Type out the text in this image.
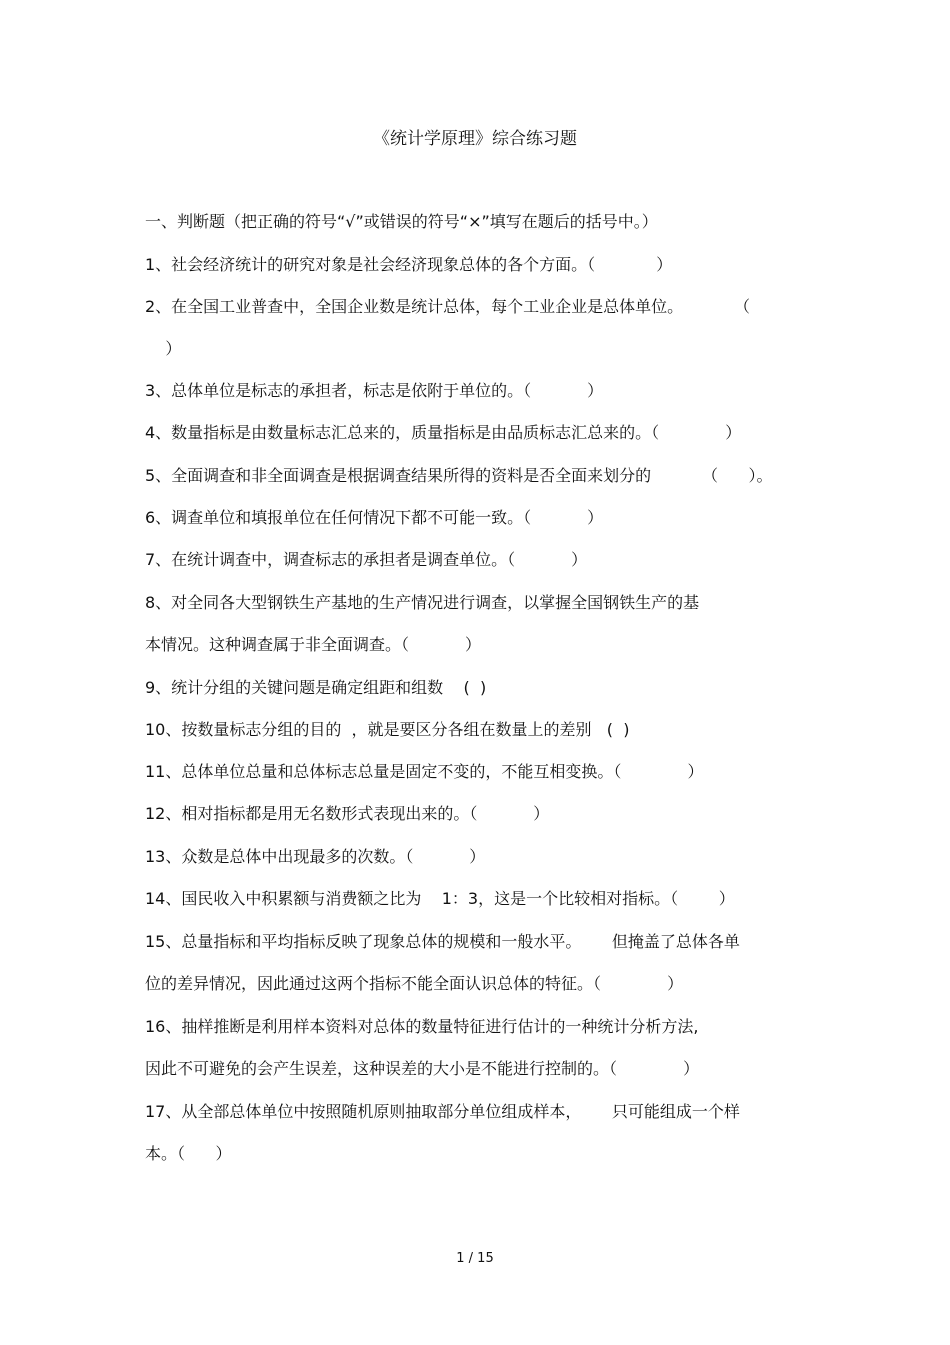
《统计学原理》综合练习题
一、判断题（把正确的符号“√”或错误的符号“×”填写在题后的括号中。）
1、社会经济统计的研究对象是社会经济现象总体的各个方面。（            ）
2、在全国工业普查中，全国企业数是统计总体，每个工业企业是总体单位。          （
）
3、总体单位是标志的承担者，标志是依附于单位的。（           ）
4、数量指标是由数量标志汇总来的，质量指标是由品质标志汇总来的。（             ）
5、全面调查和非全面调查是根据调查结果所得的资料是否全面来划分的          （      ）。
6、调查单位和填报单位在任何情况下都不可能一致。（           ）
7、在统计调查中，调查标志的承担者是调查单位。（           ）
8、对全同各大型钢铁生产基地的生产情况进行调查，以掌握全国钢铁生产的基
本情况。这种调查属于非全面调查。（           ）
9、统计分组的关键问题是确定组距和组数    (  )
10、按数量标志分组的目的  ，就是要区分各组在数量上的差别   (  )
11、总体单位总量和总体标志总量是固定不变的，不能互相变换。（             ）
12、相对指标都是用无名数形式表现出来的。（           ）
13、众数是总体中出现最多的次数。（           ）
14、国民收入中积累额与消费额之比为    1：3，这是一个比较相对指标。（        ）
15、总量指标和平均指标反映了现象总体的规模和一般水平。      但掩盖了总体各单
位的差异情况，因此通过这两个指标不能全面认识总体的特征。（             ）
16、抽样推断是利用样本资料对总体的数量特征进行估计的一种统计分析方法,
因此不可避免的会产生误差，这种误差的大小是不能进行控制的。（             ）
17、从全部总体单位中按照随机原则抽取部分单位组成样本，      只可能组成一个样
本。（      ）
1 / 15
